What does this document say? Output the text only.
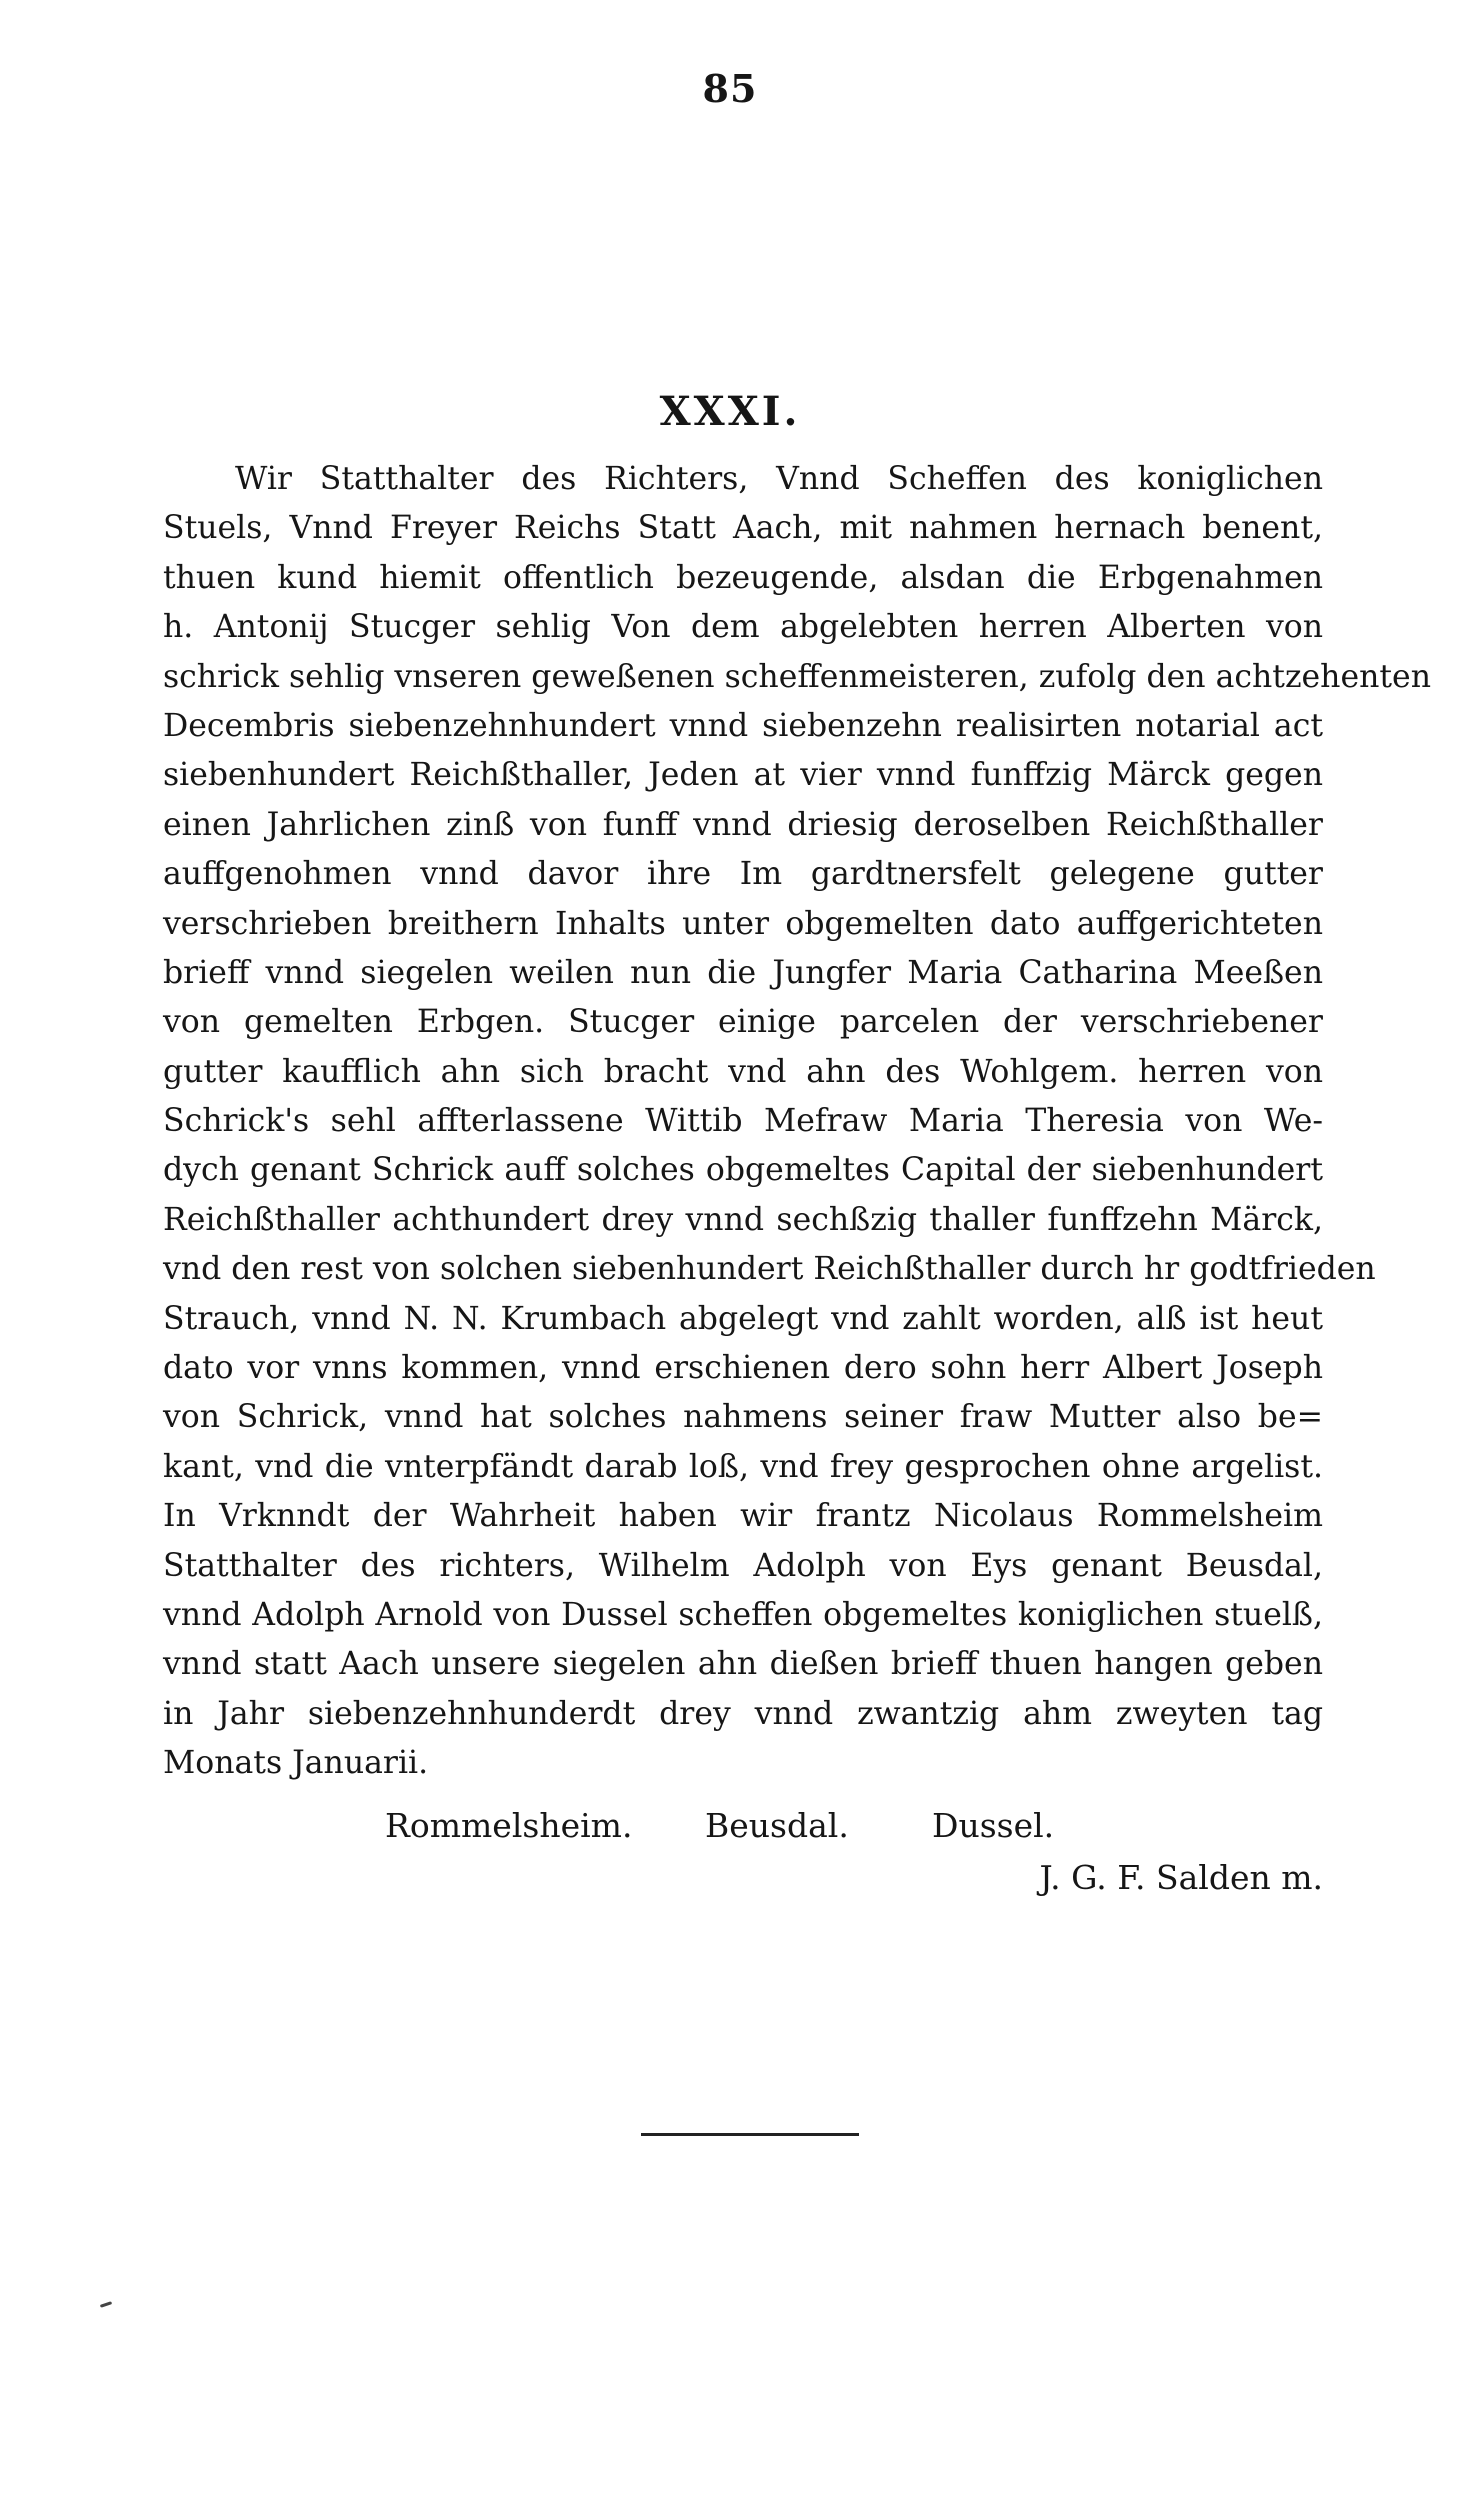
85
XXXI.
Wir Statthalter des Richters, Vnnd Scheffen des koniglichen
Stuels, Vnnd Freyer Reichs Statt Aach, mit nahmen hernach benent,
thuen kund hiemit offentlich bezeugende, alsdan die Erbgenahmen
h. Antonij Stucger sehlig Von dem abgelebten herren Alberten von
schrick sehlig vnseren geweßenen scheffenmeisteren, zufolg den achtzehenten
Decembris siebenzehnhundert vnnd siebenzehn realisirten notarial act
siebenhundert Reichßthaller, Jeden at vier vnnd funffzig Märck gegen
einen Jahrlichen zinß von funff vnnd driesig deroselben Reichßthaller
auffgenohmen vnnd davor ihre Im gardtnersfelt gelegene gutter
verschrieben breithern Inhalts unter obgemelten dato auffgerichteten
brieff vnnd siegelen weilen nun die Jungfer Maria Catharina Meeßen
von gemelten Erbgen. Stucger einige parcelen der verschriebener
gutter kaufflich ahn sich bracht vnd ahn des Wohlgem. herren von
Schrick's sehl affterlassene Wittib Mefraw Maria Theresia von We-
dych genant Schrick auff solches obgemeltes Capital der siebenhundert
Reichßthaller achthundert drey vnnd sechßzig thaller funffzehn Märck,
vnd den rest von solchen siebenhundert Reichßthaller durch hr godtfrieden
Strauch, vnnd N. N. Krumbach abgelegt vnd zahlt worden, alß ist heut
dato vor vnns kommen, vnnd erschienen dero sohn herr Albert Joseph
von Schrick, vnnd hat solches nahmens seiner fraw Mutter also be=
kant, vnd die vnterpfändt darab loß, vnd frey gesprochen ohne argelist.
In Vrknndt der Wahrheit haben wir frantz Nicolaus Rommelsheim
Statthalter des richters, Wilhelm Adolph von Eys genant Beusdal,
vnnd Adolph Arnold von Dussel scheffen obgemeltes koniglichen stuelß,
vnnd statt Aach unsere siegelen ahn dießen brieff thuen hangen geben
in Jahr siebenzehnhunderdt drey vnnd zwantzig ahm zweyten tag
Monats Januarii.
Rommelsheim. Beusdal.	Dussel.
J. G. F. Salden m.
